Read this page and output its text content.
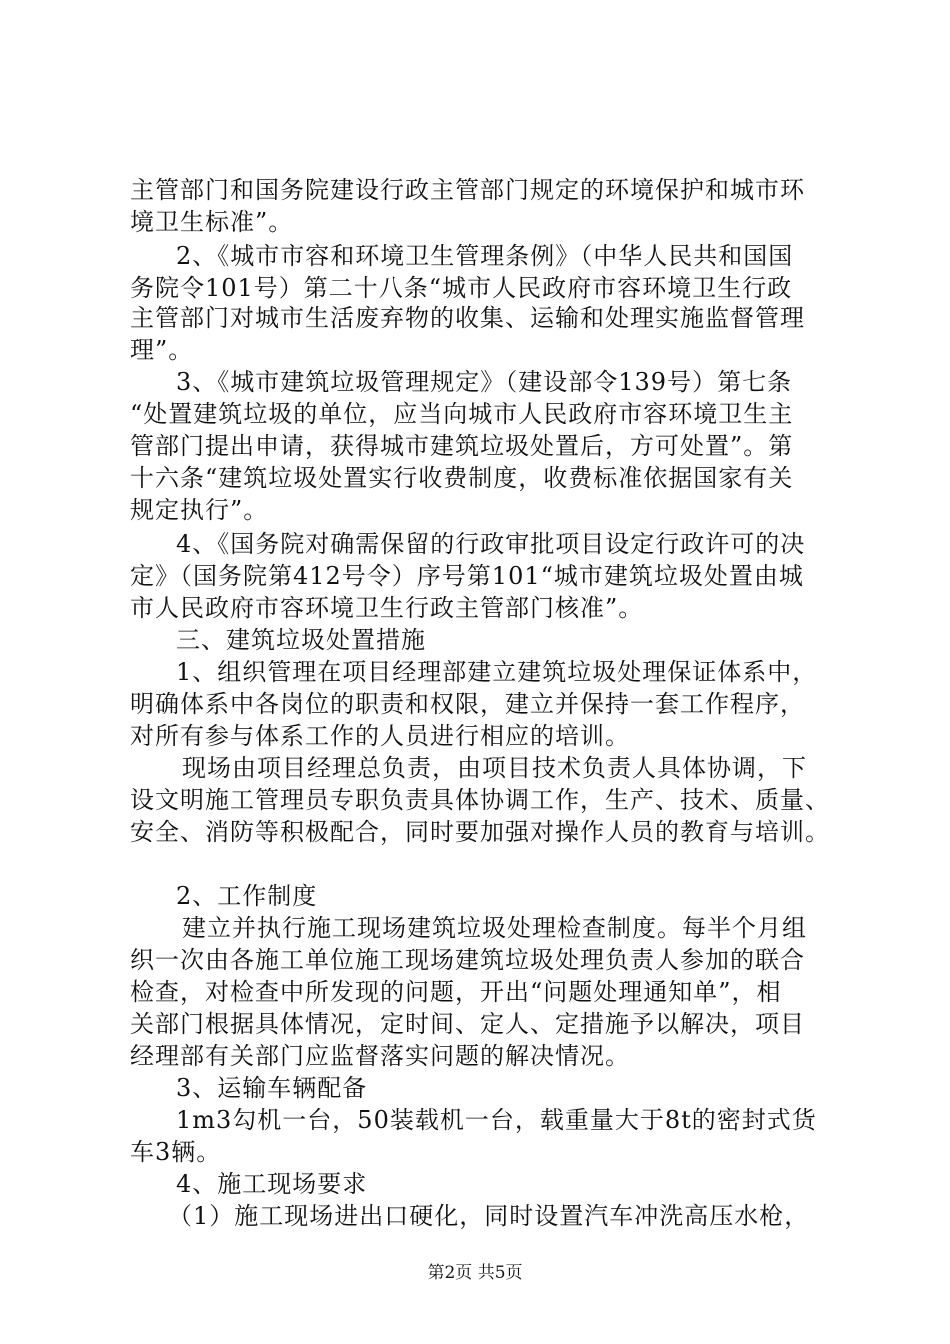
主管部门和国务院建设行政主管部门规定的环境保护和城市环
境卫生标准”。
2、《城市市容和环境卫生管理条例》（中华人民共和国国
务院令101号）第二十八条“城市人民政府市容环境卫生行政
主管部门对城市生活废弃物的收集、运输和处理实施监督管理
理”。
3、《城市建筑垃圾管理规定》（建设部令139号）第七条
“处置建筑垃圾的单位，应当向城市人民政府市容环境卫生主
管部门提出申请，获得城市建筑垃圾处置后，方可处置”。第
十六条“建筑垃圾处置实行收费制度，收费标准依据国家有关
规定执行”。
4、《国务院对确需保留的行政审批项目设定行政许可的决
定》（国务院第412号令）序号第101“城市建筑垃圾处置由城
市人民政府市容环境卫生行政主管部门核准”。
三、建筑垃圾处置措施
1、组织管理在项目经理部建立建筑垃圾处理保证体系中，
明确体系中各岗位的职责和权限，建立并保持一套工作程序，
对所有参与体系工作的人员进行相应的培训。
现场由项目经理总负责，由项目技术负责人具体协调，下
设文明施工管理员专职负责具体协调工作，生产、技术、质量、
安全、消防等积极配合，同时要加强对操作人员的教育与培训。
2、工作制度
建立并执行施工现场建筑垃圾处理检查制度。每半个月组
织一次由各施工单位施工现场建筑垃圾处理负责人参加的联合
检查，对检查中所发现的问题，开出“问题处理通知单”，相
关部门根据具体情况，定时间、定人、定措施予以解决，项目
经理部有关部门应监督落实问题的解决情况。
3、运输车辆配备
1m3勾机一台，50装载机一台，载重量大于8t的密封式货
车3辆。
4、施工现场要求
（1）施工现场进出口硬化，同时设置汽车冲洗高压水枪，
第2页 共5页
